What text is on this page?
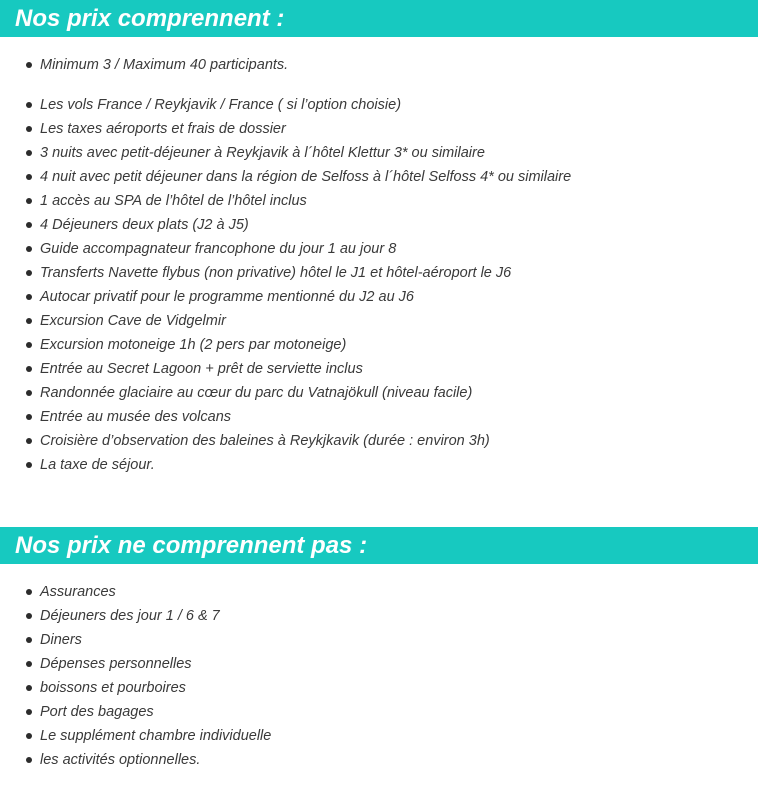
Nos prix comprennent :
Minimum 3 / Maximum 40 participants.
Les vols France / Reykjavik / France ( si l’option choisie)
Les taxes aéroports et frais de dossier
3 nuits avec petit-déjeuner à Reykjavik à l´hôtel Klettur 3* ou similaire
4 nuit avec petit déjeuner dans la région de Selfoss à l´hôtel Selfoss 4* ou similaire
1 accès au SPA de l’hôtel de l’hôtel inclus
4 Déjeuners deux plats (J2 à J5)
Guide accompagnateur francophone du jour 1 au jour 8
Transferts Navette flybus (non privative) hôtel le J1 et hôtel-aéroport le J6
Autocar privatif pour le programme mentionné du J2 au J6
Excursion Cave de Vidgelmir
Excursion motoneige 1h (2 pers par motoneige)
Entrée au Secret Lagoon + prêt de serviette inclus
Randonnée glaciaire au cœur du parc du Vatnajökull (niveau facile)
Entrée au musée des volcans
Croisière d’observation des baleines à Reykjkavik (durée : environ 3h)
La taxe de séjour.
Nos prix ne comprennent pas :
Assurances
Déjeuners des jour 1 / 6 & 7
Diners
Dépenses personnelles
boissons et pourboires
Port des bagages
Le supplément chambre individuelle
les activités optionnelles.
